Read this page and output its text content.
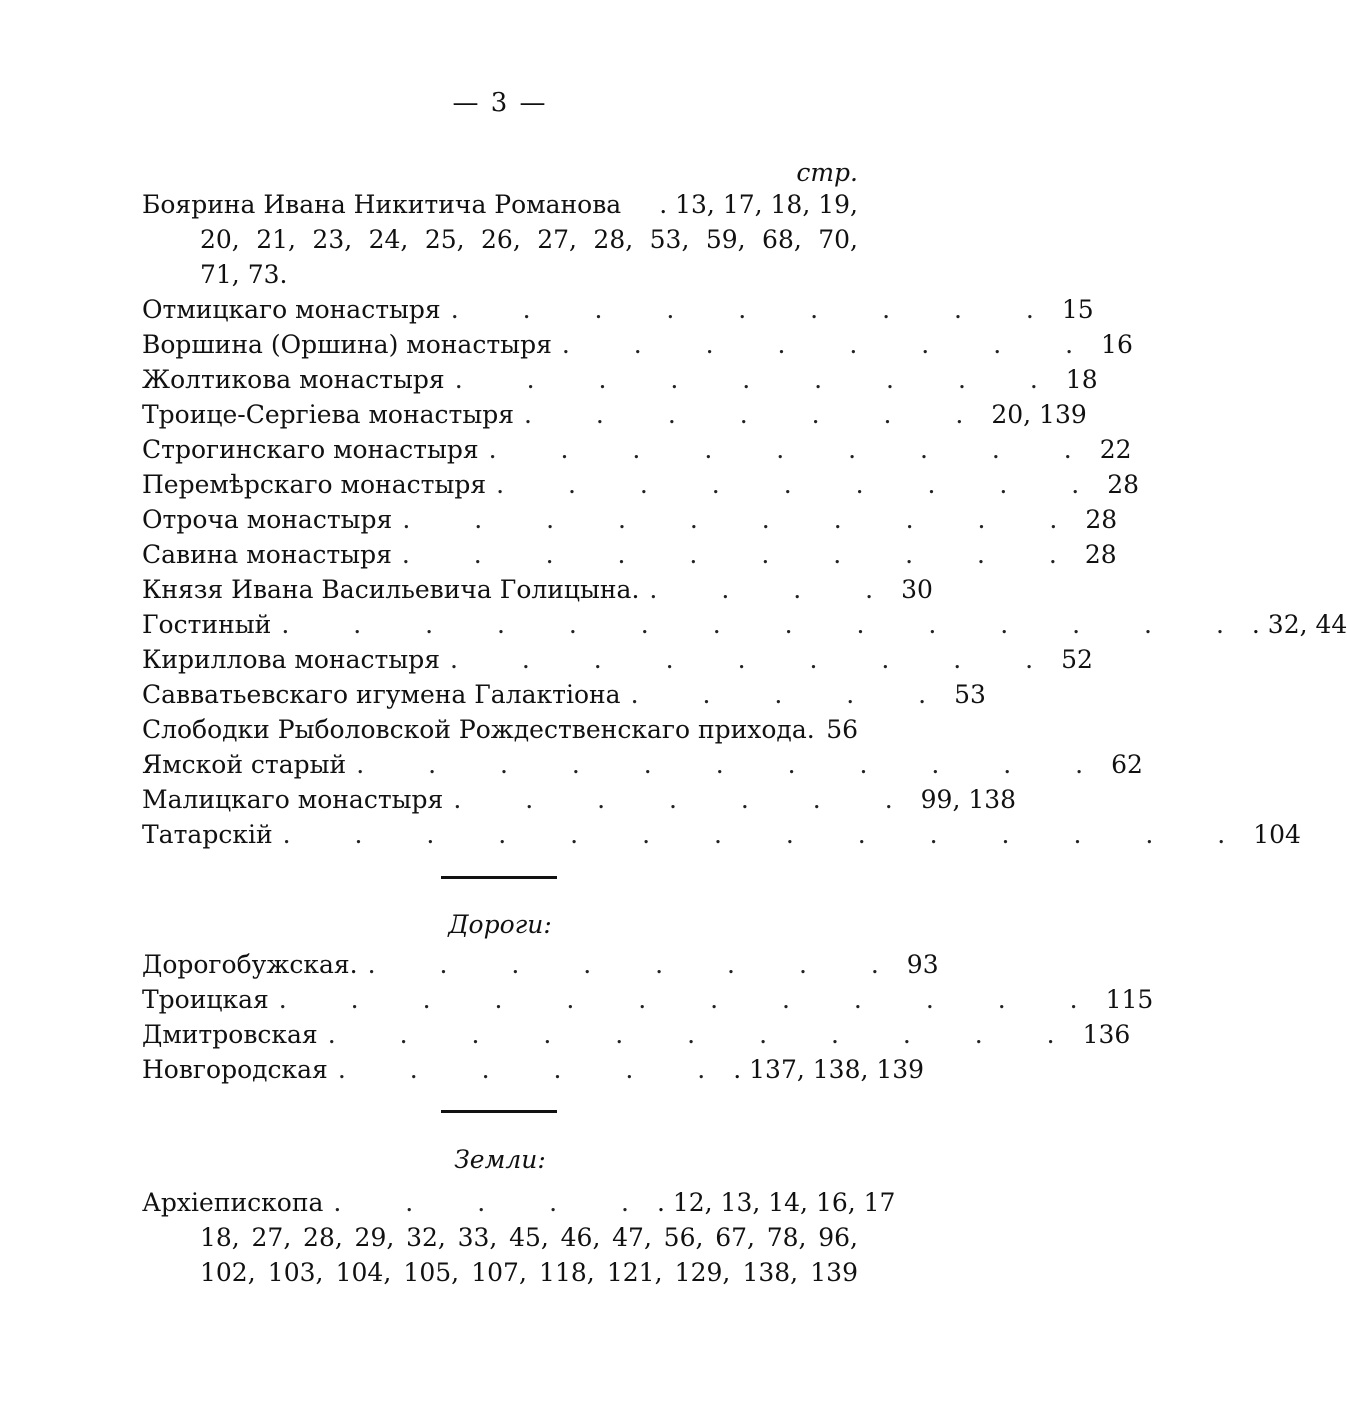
— 3 —
стр.
Боярина Ивана Никитича Романова . 13, 17, 18, 19,
20, 21, 23, 24, 25, 26, 27, 28, 53, 59, 68, 70,
71, 73.
Отмицкаго монастыря . . . . . . . . . 15
Воршина (Оршина) монастыря . . . . . . . . 16
Жолтикова монастыря . . . . . . . . . 18
Троице-Сергіева монастыря . . . . . . . 20, 139
Строгинскаго монастыря . . . . . . . . . 22
Перемѣрскаго монастыря . . . . . . . . . 28
Отроча монастыря . . . . . . . . . . 28
Савина монастыря . . . . . . . . . . 28
Князя Ивана Васильевича Голицына. . . . . 30
Гостиный . . . . . . . . . . . . . . . 32, 44
Кириллова монастыря . . . . . . . . . 52
Савватьевскаго игумена Галактіона . . . . . 53
Слободки Рыболовской Рождественскаго прихода. 56
Ямской старый . . . . . . . . . . . 62
Малицкаго монастыря . . . . . . . 99, 138
Татарскій . . . . . . . . . . . . . . 104
Дороги:
Дорогобужская. . . . . . . . . 93
Троицкая . . . . . . . . . . . . 115
Дмитровская . . . . . . . . . . . 136
Новгородская . . . . . . . 137, 138, 139
Земли:
Архіепископа . . . . . . 12, 13, 14, 16, 17
18, 27, 28, 29, 32, 33, 45, 46, 47, 56, 67, 78, 96,
102, 103, 104, 105, 107, 118, 121, 129, 138, 139
